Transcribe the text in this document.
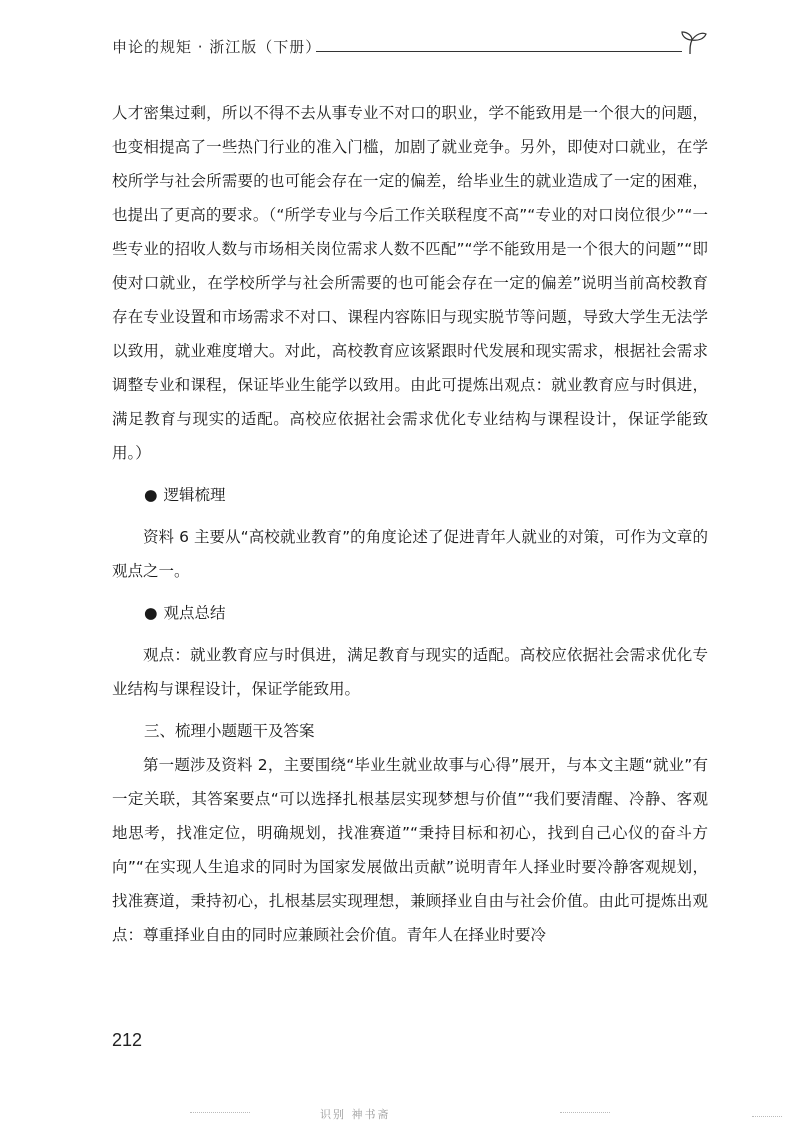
申论的规矩 · 浙江版（下册）

人才密集过剩，所以不得不去从事专业不对口的职业，学不能致用是一个很大的问题，也变相提高了一些热门行业的准入门槛，加剧了就业竞争。另外，即使对口就业，在学校所学与社会所需要的也可能会存在一定的偏差，给毕业生的就业造成了一定的困难，也提出了更高的要求。（“所学专业与今后工作关联程度不高”“专业的对口岗位很少”“一些专业的招收人数与市场相关岗位需求人数不匹配”“学不能致用是一个很大的问题”“即使对口就业，在学校所学与社会所需要的也可能会存在一定的偏差”说明当前高校教育存在专业设置和市场需求不对口、课程内容陈旧与现实脱节等问题，导致大学生无法学以致用，就业难度增大。对此，高校教育应该紧跟时代发展和现实需求，根据社会需求调整专业和课程，保证毕业生能学以致用。由此可提炼出观点：就业教育应与时俱进，满足教育与现实的适配。高校应依据社会需求优化专业结构与课程设计，保证学能致用。）

● 逻辑梳理

资料 6 主要从“高校就业教育”的角度论述了促进青年人就业的对策，可作为文章的观点之一。

● 观点总结

观点：就业教育应与时俱进，满足教育与现实的适配。高校应依据社会需求优化专业结构与课程设计，保证学能致用。

三、梳理小题题干及答案

第一题涉及资料 2，主要围绕“毕业生就业故事与心得”展开，与本文主题“就业”有一定关联，其答案要点“可以选择扎根基层实现梦想与价值”“我们要清醒、冷静、客观地思考，找准定位，明确规划，找准赛道”“秉持目标和初心，找到自己心仪的奋斗方向”“在实现人生追求的同时为国家发展做出贡献”说明青年人择业时要冷静客观规划，找准赛道，秉持初心，扎根基层实现理想，兼顾择业自由与社会价值。由此可提炼出观点：尊重择业自由的同时应兼顾社会价值。青年人在择业时要冷

212
识别 神书斋
